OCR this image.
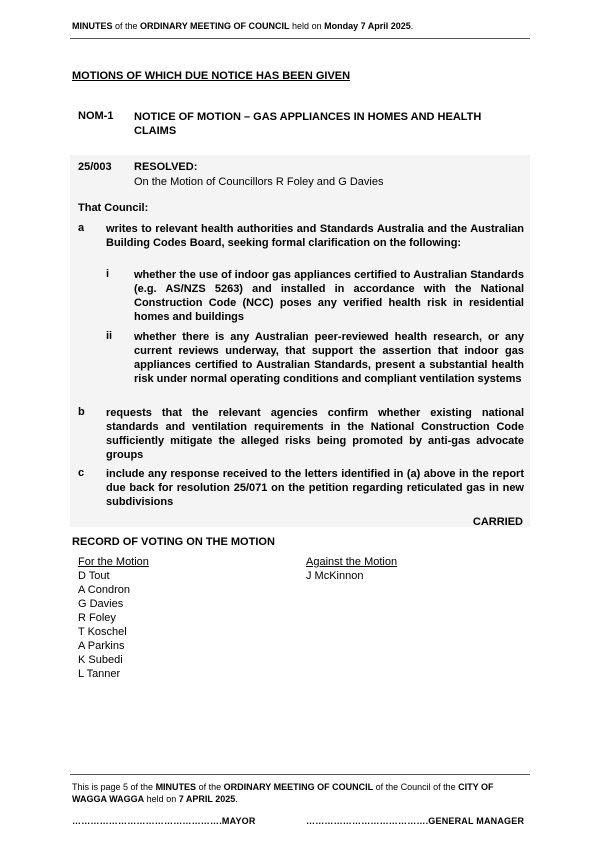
MINUTES of the ORDINARY MEETING OF COUNCIL held on Monday 7 April 2025.
MOTIONS OF WHICH DUE NOTICE HAS BEEN GIVEN
NOM-1 NOTICE OF MOTION – GAS APPLIANCES IN HOMES AND HEALTH CLAIMS
25/003 RESOLVED:
On the Motion of Councillors R Foley and G Davies
That Council:
a writes to relevant health authorities and Standards Australia and the Australian Building Codes Board, seeking formal clarification on the following:
i whether the use of indoor gas appliances certified to Australian Standards (e.g. AS/NZS 5263) and installed in accordance with the National Construction Code (NCC) poses any verified health risk in residential homes and buildings
ii whether there is any Australian peer-reviewed health research, or any current reviews underway, that support the assertion that indoor gas appliances certified to Australian Standards, present a substantial health risk under normal operating conditions and compliant ventilation systems
b requests that the relevant agencies confirm whether existing national standards and ventilation requirements in the National Construction Code sufficiently mitigate the alleged risks being promoted by anti-gas advocate groups
c include any response received to the letters identified in (a) above in the report due back for resolution 25/071 on the petition regarding reticulated gas in new subdivisions
CARRIED
RECORD OF VOTING ON THE MOTION
For the Motion
D Tout
A Condron
G Davies
R Foley
T Koschel
A Parkins
K Subedi
L Tanner
Against the Motion
J McKinnon
This is page 5 of the MINUTES of the ORDINARY MEETING OF COUNCIL of the Council of the CITY OF WAGGA WAGGA held on 7 APRIL 2025.
………………………………………….MAYOR	………………………………….GENERAL MANAGER
